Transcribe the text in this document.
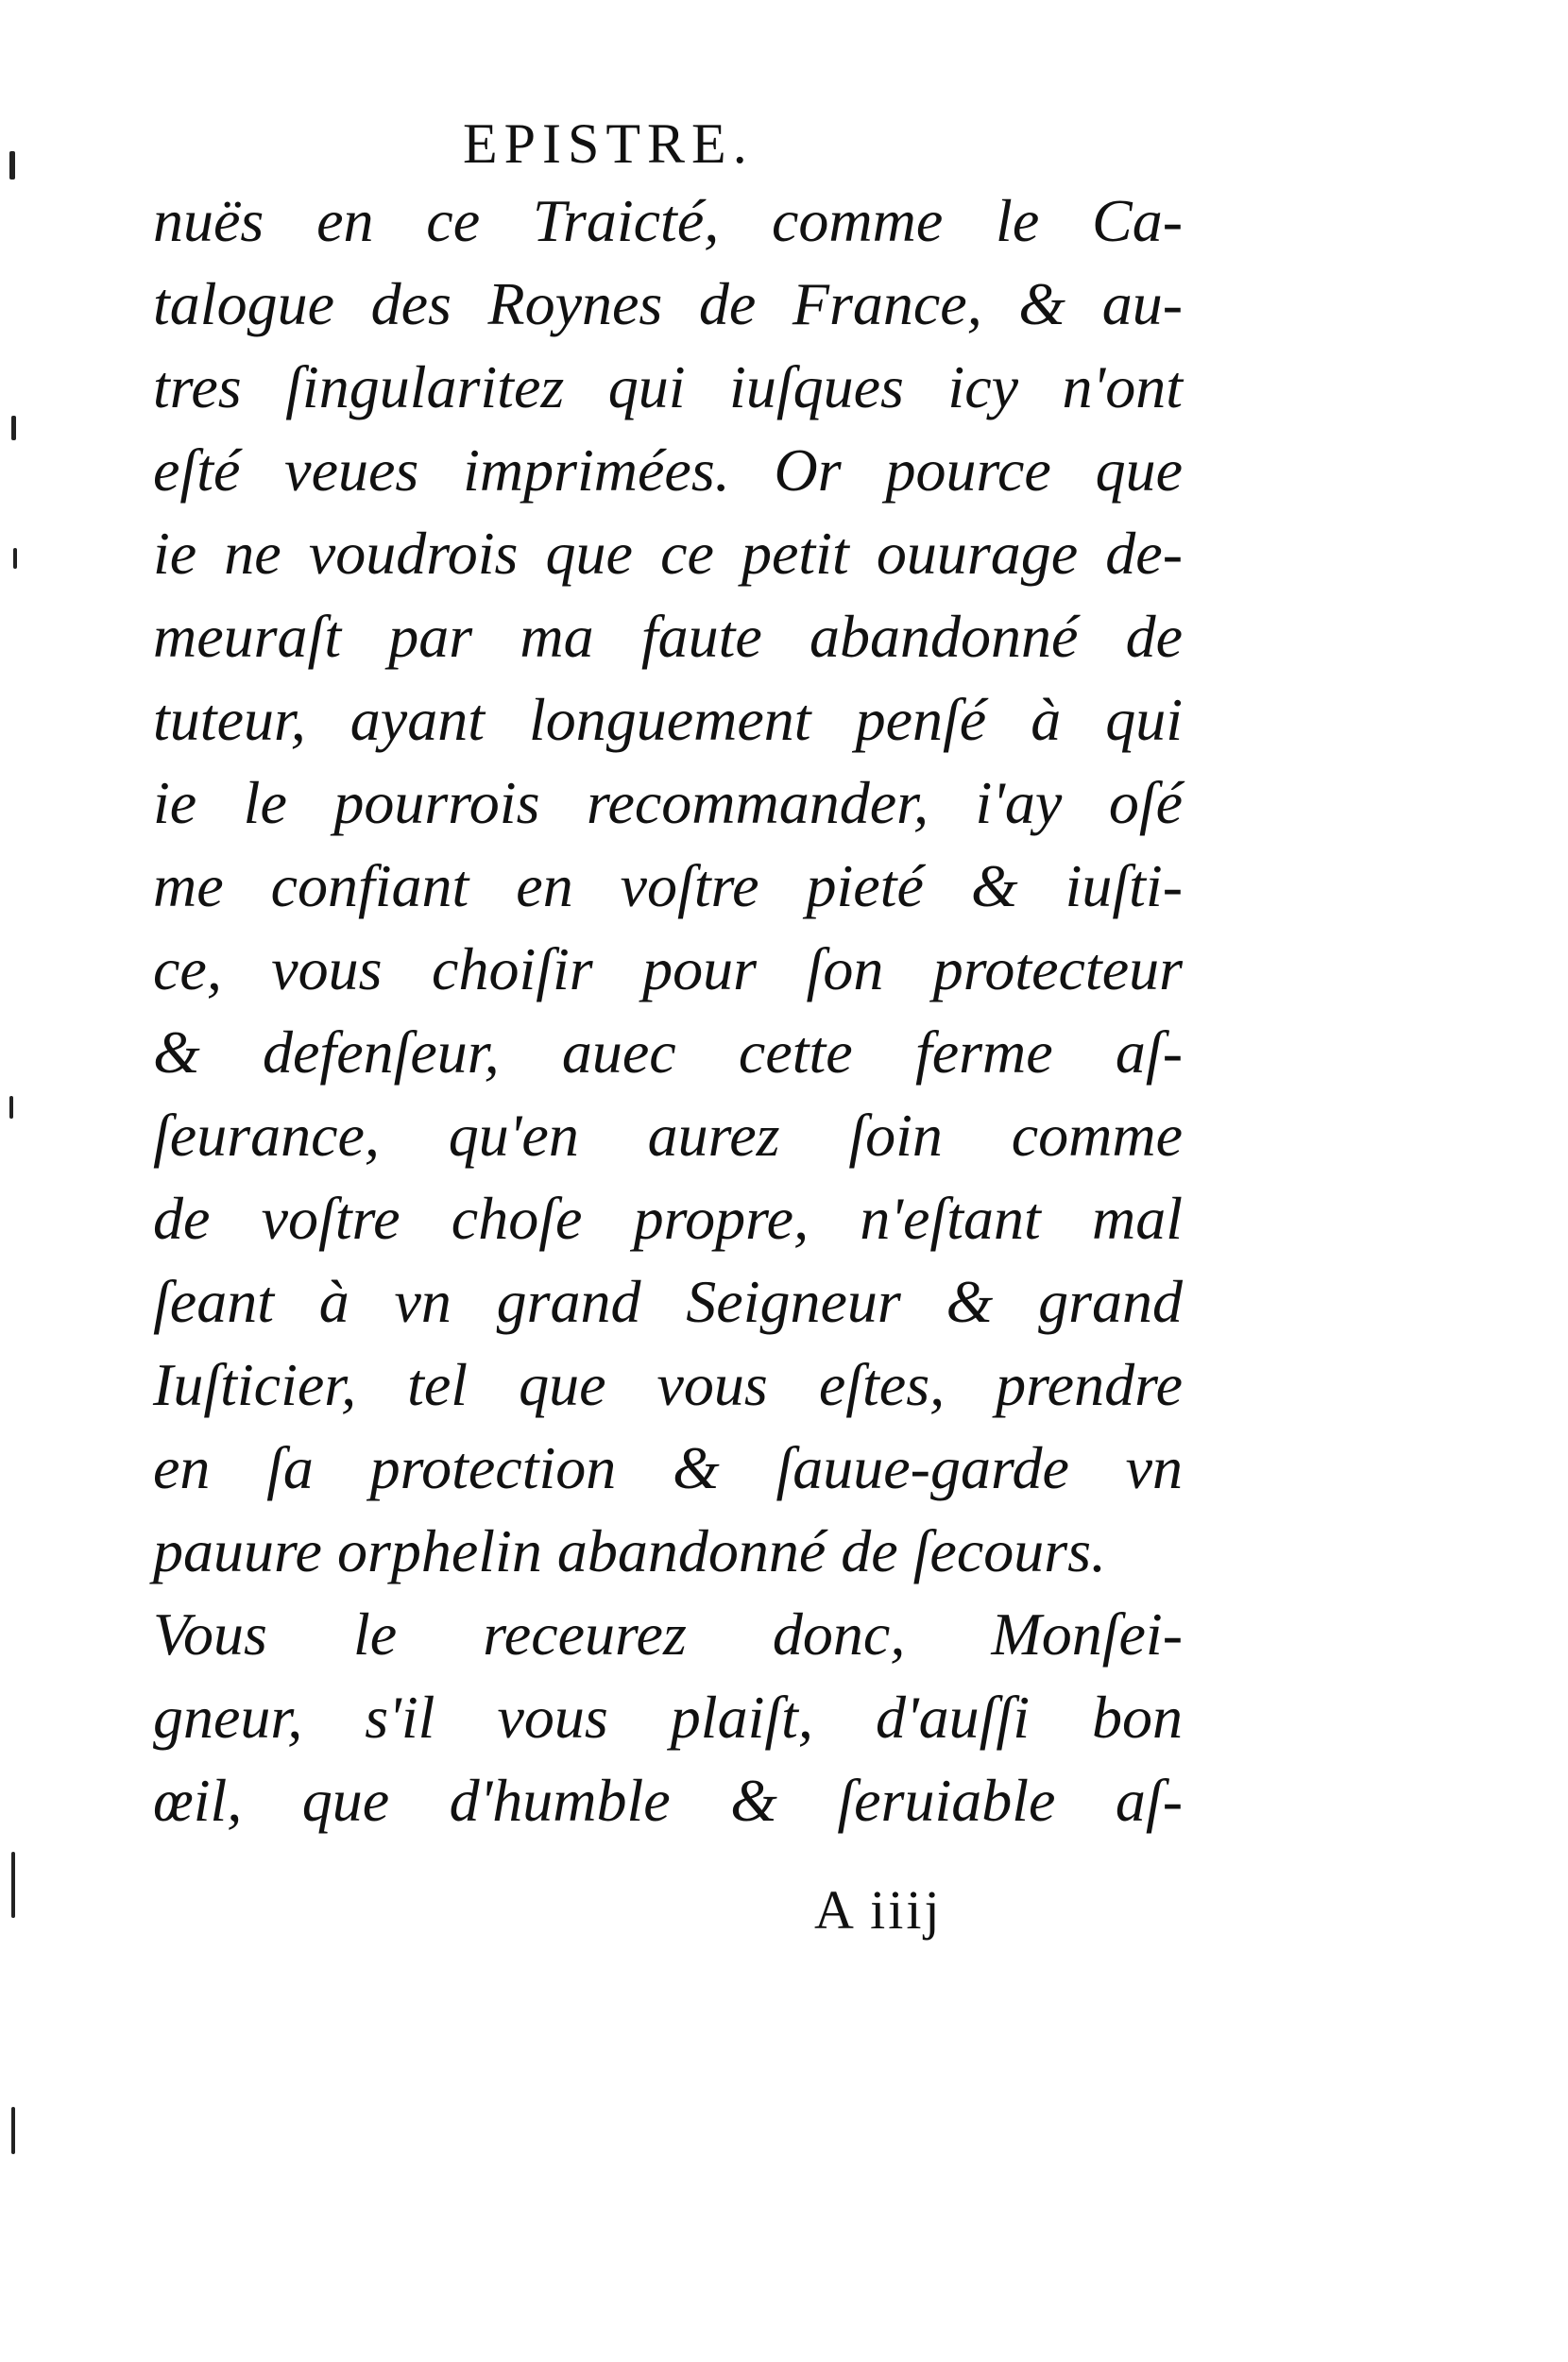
EPISTRE.
nuës en ce Traicté, comme le Ca-
talogue des Roynes de France, & au-
tres ſingularitez qui iuſques icy n'ont
eſté veues imprimées. Or pource que
ie ne voudrois que ce petit ouurage de-
meuraſt par ma faute abandonné de
tuteur, ayant longuement penſé à qui
ie le pourrois recommander, i'ay oſé
me confiant en voſtre pieté & iuſti-
ce, vous choiſir pour ſon protecteur
& defenſeur, auec cette ferme aſ-
ſeurance, qu'en aurez ſoin comme
de voſtre choſe propre, n'eſtant mal
ſeant à vn grand Seigneur & grand
Iuſticier, tel que vous eſtes, prendre
en ſa protection & ſauue-garde vn
pauure orphelin abandonné de ſecours.
Vous le receurez donc, Monſei-
gneur, s'il vous plaiſt, d'auſſi bon
œil, que d'humble & ſeruiable aſ-
A iiij
